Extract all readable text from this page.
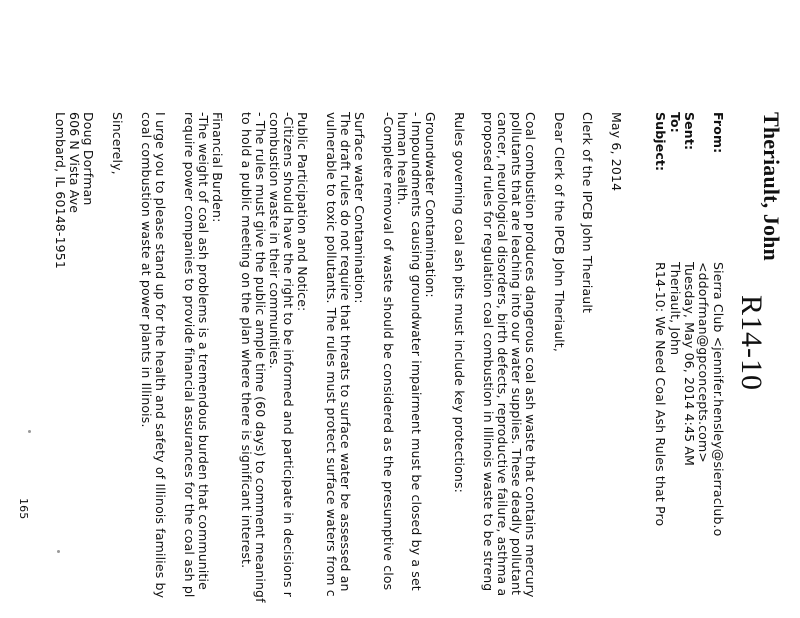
Theriault, John
R14-10
From:
Sierra Club <jennifer.hensley@sierraclub.o
<ddorfman@gpconcepts.com>
Sent:
Tuesday, May 06, 2014 4:45 AM
To:
Theriault, John
Subject:
R14-10: We Need Coal Ash Rules that Pro
May 6, 2014
Clerk of the IPCB John Theriault
Dear Clerk of the IPCB John Theriault,
Coal combustion produces dangerous coal ash waste that contains mercury
pollutants that are leaching into our water supplies. These deadly pollutant
cancer, neurological disorders, birth defects, reproductive failure, asthma a
proposed rules for regulation coal combustion in Illinois waste to be streng
Rules governing coal ash pits must include key protections:
Groundwater Contamination:
- Impoundments causing groundwater impairment must be closed by a set
human health.
-Complete removal of waste should be considered as the presumptive clos
Surface water Contamination:
The draft rules do not require that threats to surface water be assessed an
vulnerable to toxic pollutants. The rules must protect surface waters from c
Public Participation and Notice:
-Citizens should have the right to be informed and participate in decisions r
combustion waste in their communities.
- The rules must give the public ample time (60 days) to comment meaningf
to hold a public meeting on the plan where there is significant interest.
Financial Burden:
-The weight of coal ash problems is a tremendous burden that communitie
require power companies to provide financial assurances for the coal ash pl
I urge you to please stand up for the health and safety of Illinois families by
coal combustion waste at power plants in Illinois.
Sincerely,
Doug Dorfman
606 N Vista Ave
Lombard, IL 60148-1951
165
